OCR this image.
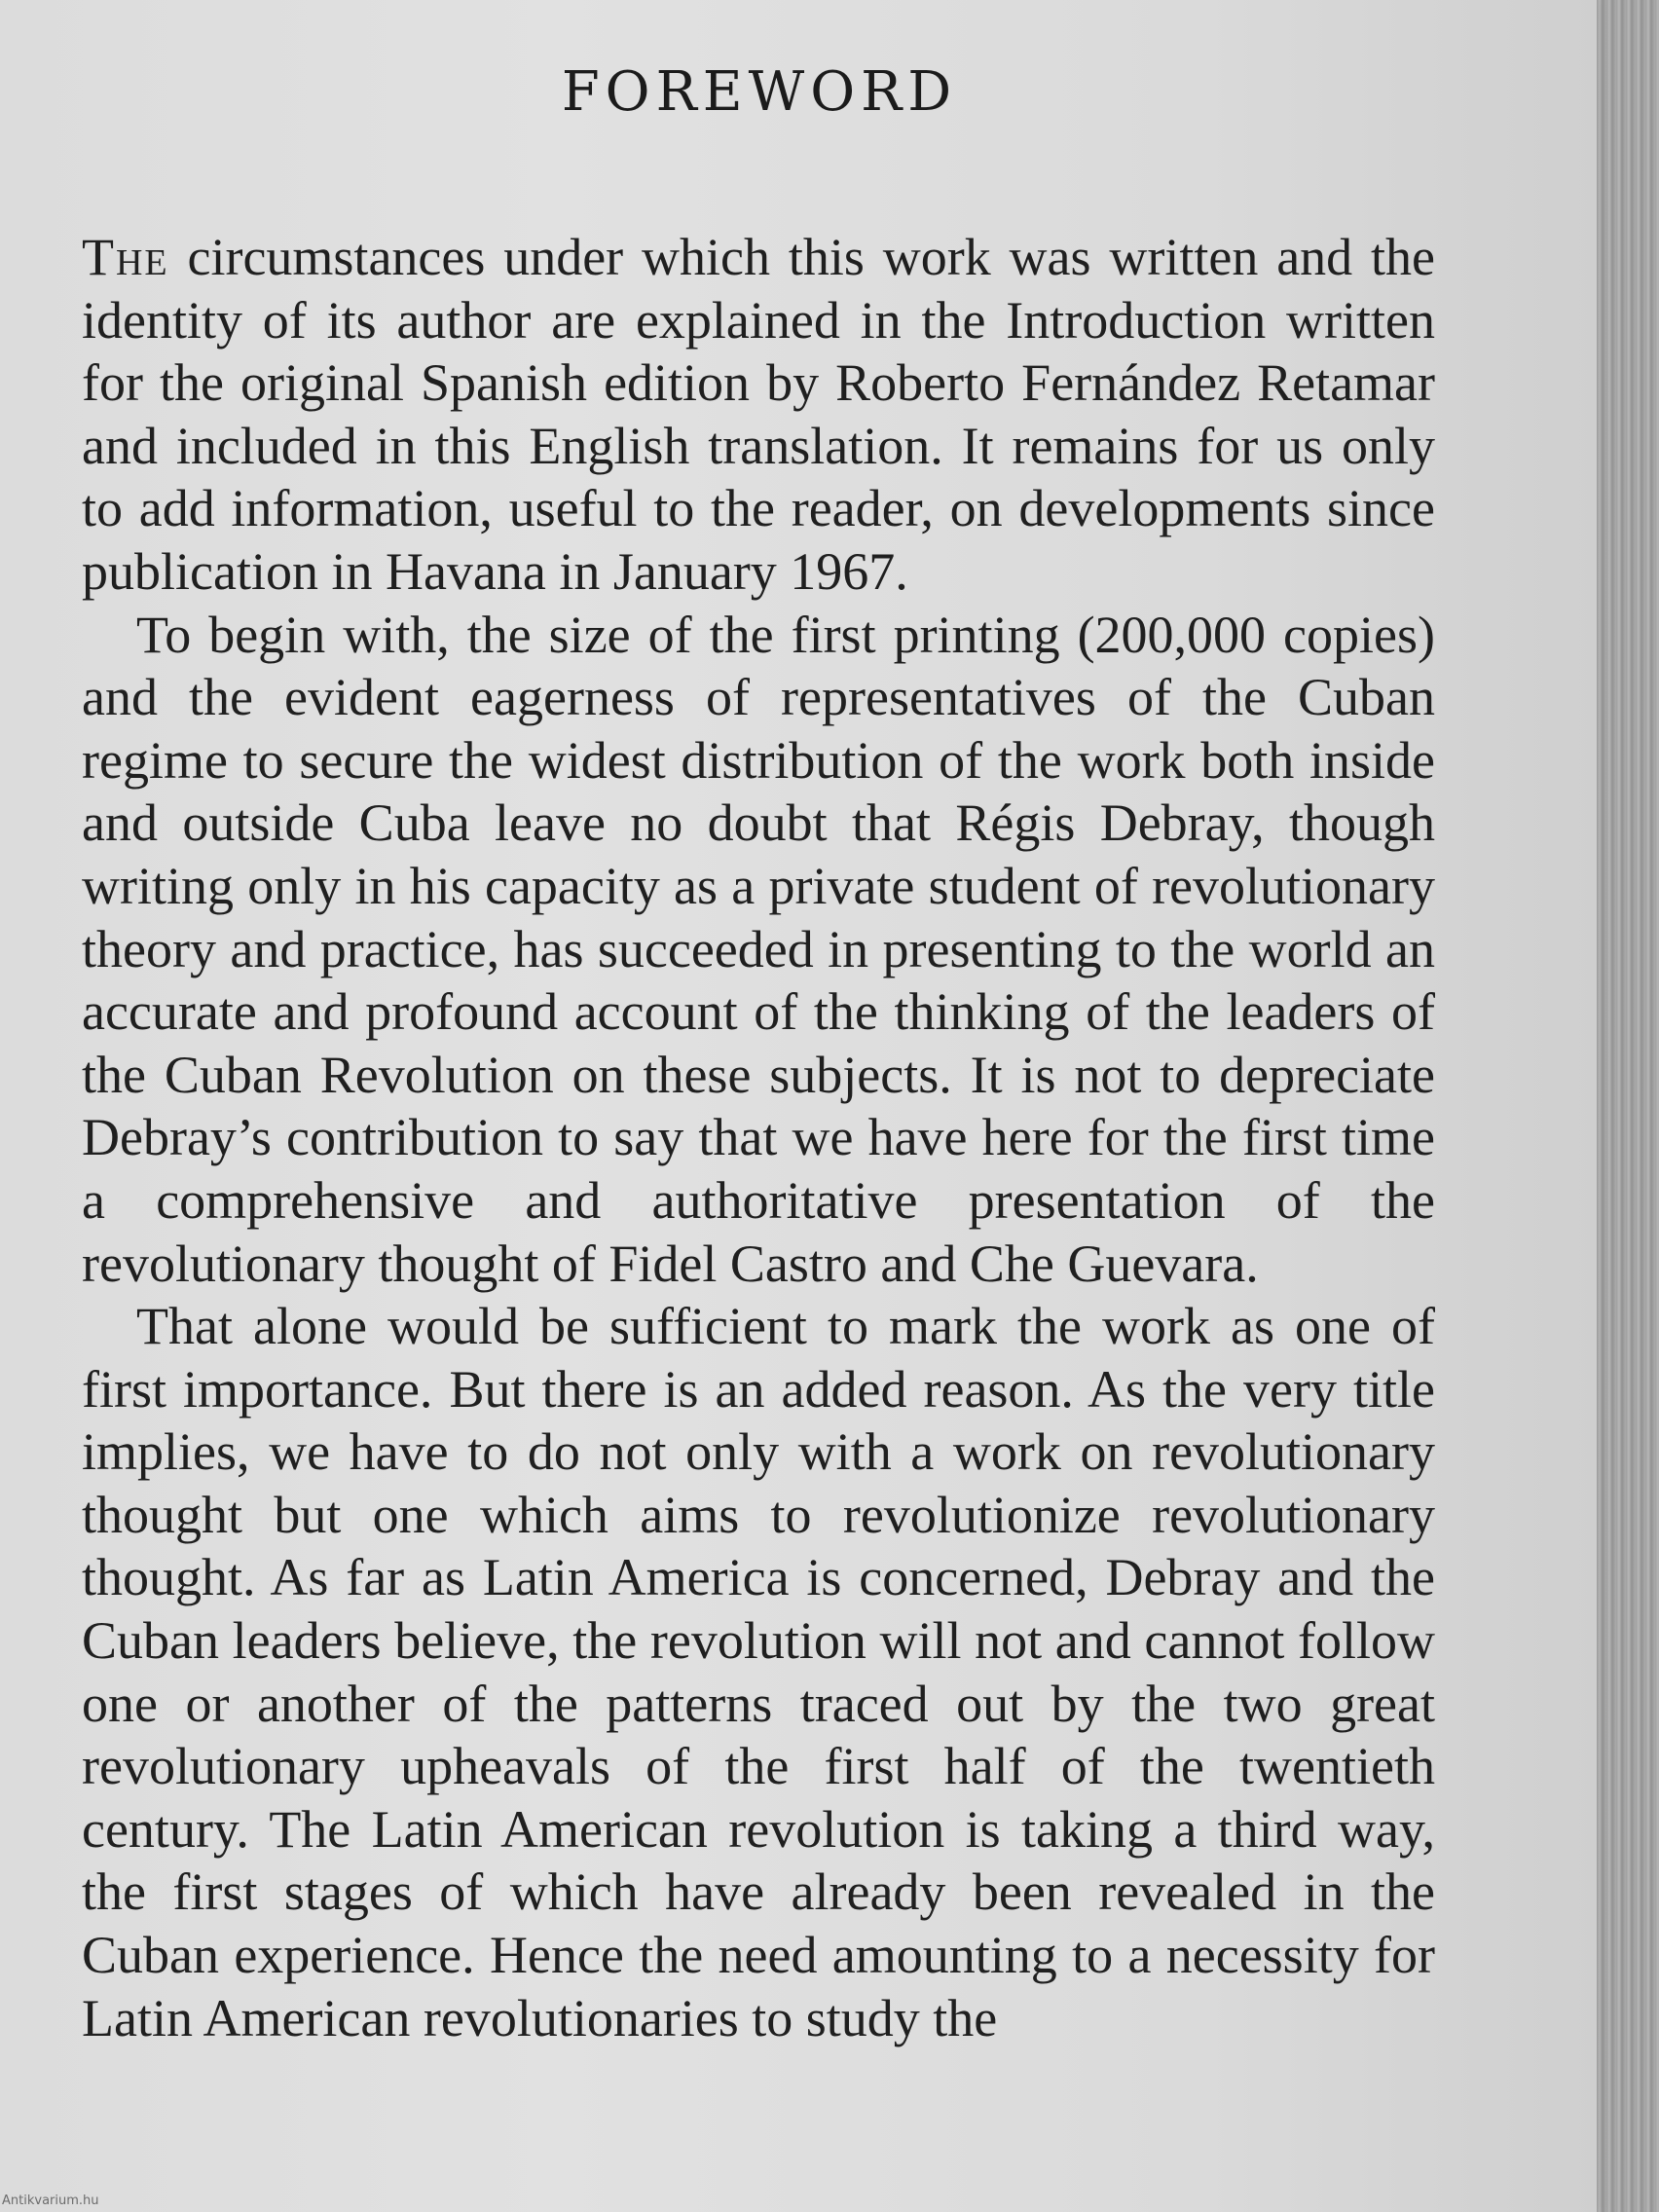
FOREWORD

The circumstances under which this work was written and the identity of its author are explained in the Introduction written for the original Spanish edition by Roberto Fernández Retamar and included in this English translation. It remains for us only to add information, useful to the reader, on developments since publication in Havana in January 1967.

To begin with, the size of the first printing (200,000 copies) and the evident eagerness of representatives of the Cuban regime to secure the widest distribution of the work both inside and outside Cuba leave no doubt that Régis Debray, though writing only in his capacity as a private student of revolutionary theory and practice, has succeeded in presenting to the world an accurate and profound account of the thinking of the leaders of the Cuban Revolution on these subjects. It is not to depreciate Debray’s contribution to say that we have here for the first time a comprehensive and authoritative presentation of the revolutionary thought of Fidel Castro and Che Guevara.

That alone would be sufficient to mark the work as one of first importance. But there is an added reason. As the very title implies, we have to do not only with a work on revolutionary thought but one which aims to revolutionize revolutionary thought. As far as Latin America is concerned, Debray and the Cuban leaders believe, the revolution will not and cannot follow one or another of the patterns traced out by the two great revolutionary upheavals of the first half of the twentieth century. The Latin American revolution is taking a third way, the first stages of which have already been revealed in the Cuban experience. Hence the need amounting to a necessity for Latin American revolutionaries to study the

Antikvarium.hu
